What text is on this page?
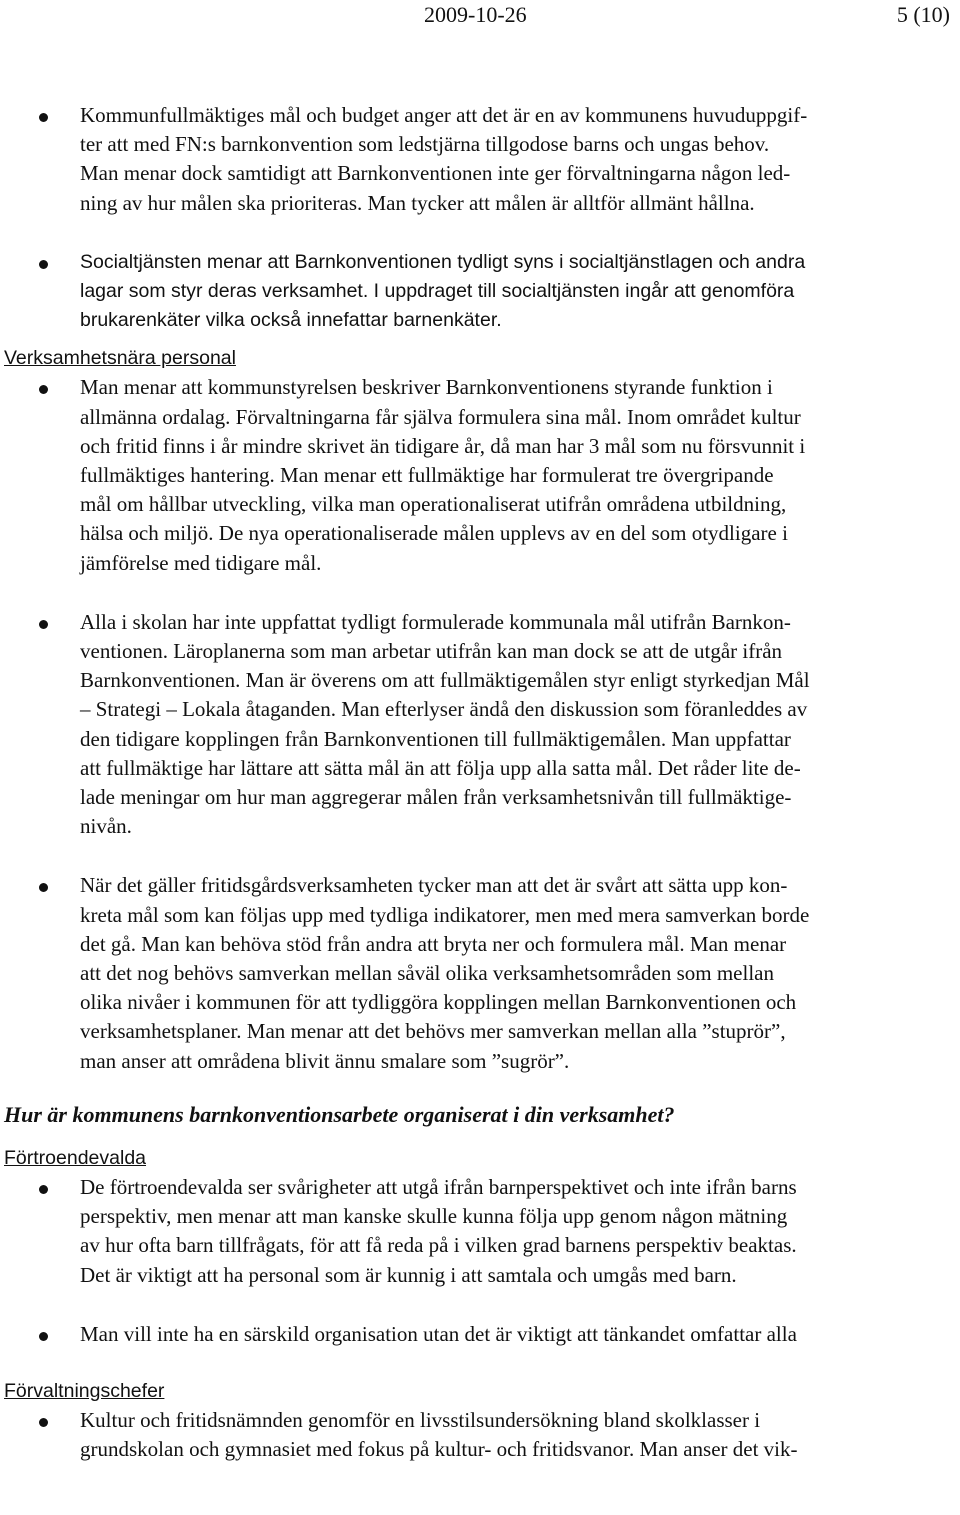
2009-10-26	5 (10)
Kommunfullmäktiges mål och budget anger att det är en av kommunens huvuduppgif-
ter att med FN:s barnkonvention som ledstjärna tillgodose barns och ungas behov.
Man menar dock samtidigt att Barnkonventionen inte ger förvaltningarna någon led-
ning av hur målen ska prioriteras. Man tycker att målen är alltför allmänt hållna.
Socialtjänsten menar att Barnkonventionen tydligt syns i socialtjänstlagen och andra
lagar som styr deras verksamhet. I uppdraget till socialtjänsten ingår att genomföra
brukarenkäter vilka också innefattar barnenkäter.
Verksamhetsnära personal
Man menar att kommunstyrelsen beskriver Barnkonventionens styrande funktion i
allmänna ordalag. Förvaltningarna får själva formulera sina mål. Inom området kultur
och fritid finns i år mindre skrivet än tidigare år, då man har 3 mål som nu försvunnit i
fullmäktiges hantering. Man menar ett fullmäktige har formulerat tre övergripande
mål om hållbar utveckling, vilka man operationaliserat utifrån områdena utbildning,
hälsa och miljö. De nya operationaliserade målen upplevs av en del som otydligare i
jämförelse med tidigare mål.
Alla i skolan har inte uppfattat tydligt formulerade kommunala mål utifrån Barnkon-
ventionen. Läroplanerna som man arbetar utifrån kan man dock se att de utgår ifrån
Barnkonventionen. Man är överens om att fullmäktigemålen styr enligt styrkedjan Mål
– Strategi – Lokala åtaganden. Man efterlyser ändå den diskussion som föranleddes av
den tidigare kopplingen från Barnkonventionen till fullmäktigemålen. Man uppfattar
att fullmäktige har lättare att sätta mål än att följa upp alla satta mål. Det råder lite de-
lade meningar om hur man aggregerar målen från verksamhetsnivån till fullmäktige-
nivån.
När det gäller fritidsgårdsverksamheten tycker man att det är svårt att sätta upp kon-
kreta mål som kan följas upp med tydliga indikatorer, men med mera samverkan borde
det gå. Man kan behöva stöd från andra att bryta ner och formulera mål. Man menar
att det nog behövs samverkan mellan såväl olika verksamhetsområden som mellan
olika nivåer i kommunen för att tydliggöra kopplingen mellan Barnkonventionen och
verksamhetsplaner. Man menar att det behövs mer samverkan mellan alla ”stuprör”,
man anser att områdena blivit ännu smalare som ”sugrör”.
Hur är kommunens barnkonventionsarbete organiserat i din verksamhet?
Förtroendevalda
De förtroendevalda ser svårigheter att utgå ifrån barnperspektivet och inte ifrån barns
perspektiv, men menar att man kanske skulle kunna följa upp genom någon mätning
av hur ofta barn tillfrågats, för att få reda på i vilken grad barnens perspektiv beaktas.
Det är viktigt att ha personal som är kunnig i att samtala och umgås med barn.
Man vill inte ha en särskild organisation utan det är viktigt att tänkandet omfattar alla
Förvaltningschefer
Kultur och fritidsnämnden genomför en livsstilsundersökning bland skolklasser i
grundskolan och gymnasiet med fokus på kultur- och fritidsvanor. Man anser det vik-
